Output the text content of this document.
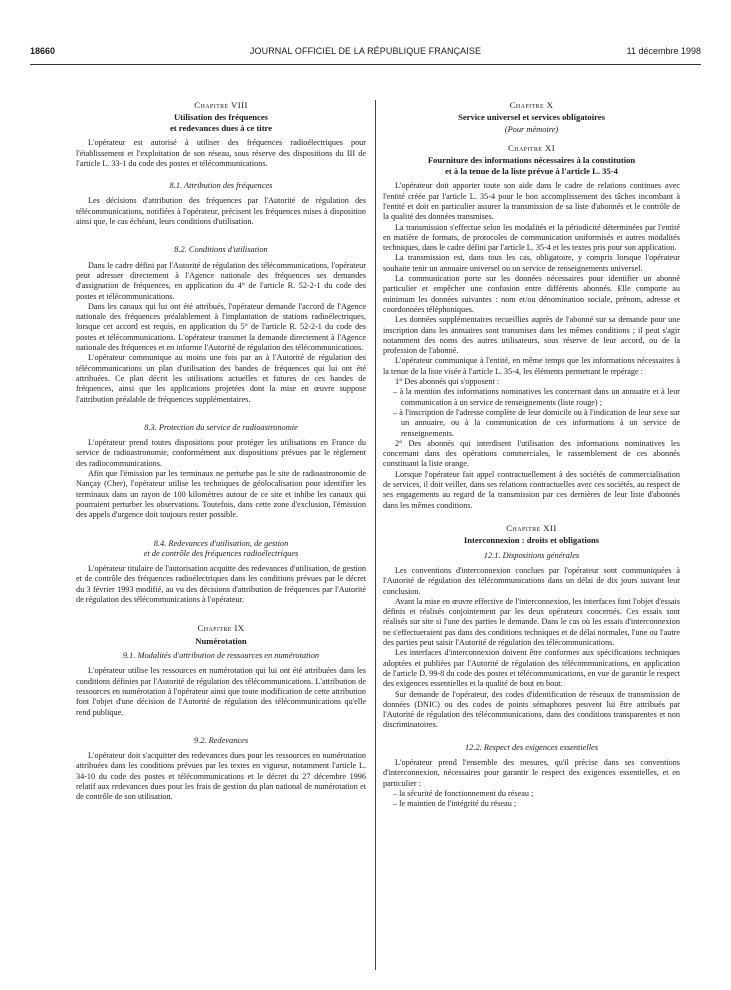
18660	JOURNAL OFFICIEL DE LA RÉPUBLIQUE FRANÇAISE	11 décembre 1998
Chapitre VIII
Utilisation des fréquences
et redevances dues à ce titre

L'opérateur est autorisé à utiliser des fréquences radioélectriques pour l'établissement et l'exploitation de son réseau, sous réserve des dispositions du III de l'article L. 33-1 du code des postes et télécommunications.

8.1. Attribution des fréquences

Les décisions d'attribution des fréquences par l'Autorité de régulation des télécommunications, notifiées à l'opérateur, précisent les fréquences mises à disposition ainsi que, le cas échéant, leurs conditions d'utilisation.

8.2. Conditions d'utilisation

Dans le cadre défini par l'Autorité de régulation des télécommunications, l'opérateur peut adresser directement à l'Agence nationale des fréquences ses demandes d'assignation de fréquences, en application du 4° de l'article R. 52-2-1 du code des postes et télécommunications.

Dans les canaux qui lui ont été attribués, l'opérateur demande l'accord de l'Agence nationale des fréquences préalablement à l'implantation de stations radioélectriques, lorsque cet accord est requis, en application du 5° de l'article R. 52-2-1 du code des postes et télécommunications. L'opérateur transmet la demande directement à l'Agence nationale des fréquences et en informe l'Autorité de régulation des télécommunications.

L'opérateur communique au moins une fois par an à l'Autorité de régulation des télécommunications un plan d'utilisation des bandes de fréquences qui lui ont été attribuées. Ce plan décrit les utilisations actuelles et futures de ces bandes de fréquences, ainsi que les applications projetées dont la mise en œuvre suppose l'attribution préalable de fréquences supplémentaires.

8.3. Protection du service de radioastronomie

L'opérateur prend toutes dispositions pour protéger les utilisations en France du service de radioastronomie, conformément aux dispositions prévues par le règlement des radiocommunications.

Afin que l'émission par les terminaux ne perturbe pas le site de radioastronomie de Nançay (Cher), l'opérateur utilise les techniques de géolocalisation pour identifier les terminaux dans un rayon de 100 kilomètres autour de ce site et inhibe les canaux qui pourraient perturber les observations. Toutefois, dans cette zone d'exclusion, l'émission des appels d'urgence doit toujours rester possible.

8.4. Redevances d'utilisation, de gestion
et de contrôle des fréquences radioélectriques

L'opérateur titulaire de l'autorisation acquitte des redevances d'utilisation, de gestion et de contrôle des fréquences radioélectriques dans les conditions prévues par le décret du 3 février 1993 modifié, au vu des décisions d'attribution de fréquences par l'Autorité de régulation des télécommunications à l'opérateur.

Chapitre IX
Numérotation
9.1. Modalités d'attribution de ressources en numérotation

L'opérateur utilise les ressources en numérotation qui lui ont été attribuées dans les conditions définies par l'Autorité de régulation des télécommunications. L'attribution de ressources en numérotation à l'opérateur ainsi que toute modification de cette attribution font l'objet d'une décision de l'Autorité de régulation des télécommunications qu'elle rend publique.

9.2. Redevances

L'opérateur doit s'acquitter des redevances dues pour les ressources en numérotation attribuées dans les conditions prévues par les textes en vigueur, notamment l'article L. 34-10 du code des postes et télécommunications et le décret du 27 décembre 1996 relatif aux redevances dues pour les frais de gestion du plan national de numérotation et de contrôle de son utilisation.

Chapitre X
Service universel et services obligatoires
(Pour mémoire)
Chapitre XI
Fourniture des informations nécessaires à la constitution
et à la tenue de la liste prévue à l'article L. 35-4

L'opérateur doit apporter toute son aide dans le cadre de relations continues avec l'entité créée par l'article L. 35-4 pour le bon accomplissement des tâches incombant à l'entité et doit en particulier assurer la transmission de sa liste d'abonnés et le contrôle de la qualité des données transmises.

La transmission s'effectue selon les modalités et la périodicité déterminées par l'entité en matière de formats, de protocoles de communication uniformisés et autres modalités techniques, dans le cadre défini par l'article L. 35-4 et les textes pris pour son application.

La transmission est, dans tous les cas, obligatoire, y compris lorsque l'opérateur souhaite tenir un annuaire universel ou un service de renseignements universel.

La communication porte sur les données nécessaires pour identifier un abonné particulier et empêcher une confusion entre différents abonnés. Elle comporte au minimum les données suivantes : nom et/ou dénomination sociale, prénom, adresse et coordonnées téléphoniques.

Les données supplémentaires recueillies auprès de l'abonné sur sa demande pour une inscription dans les annuaires sont transmises dans les mêmes conditions ; il peut s'agir notamment des noms des autres utilisateurs, sous réserve de leur accord, ou de la profession de l'abonné.

L'opérateur communique à l'entité, en même temps que les informations nécessaires à la tenue de la liste visée à l'article L. 35-4, les éléments permettant le repérage :

1° Des abonnés qui s'opposent :

– à la mention des informations nominatives les concernant dans un annuaire et à leur communication à un service de renseignements (liste rouge) ;
– à l'inscription de l'adresse complète de leur domicile ou à l'indication de leur sexe sur un annuaire, ou à la communication de ces informations à un service de renseignements.

2° Des abonnés qui interdisent l'utilisation des informations nominatives les concernant dans des opérations commerciales, le rassemblement de ces abonnés constituant la liste orange.

Lorsque l'opérateur fait appel contractuellement à des sociétés de commercialisation de services, il doit veiller, dans ses relations contractuelles avec ces sociétés, au respect de ses engagements au regard de la transmission par ces dernières de leur liste d'abonnés dans les mêmes conditions.

Chapitre XII
Interconnexion : droits et obligations
12.1. Dispositions générales

Les conventions d'interconnexion conclues par l'opérateur sont communiquées à l'Autorité de régulation des télécommunications dans un délai de dix jours suivant leur conclusion.

Avant la mise en œuvre effective de l'interconnexion, les interfaces font l'objet d'essais définis et réalisés conjointement par les deux opérateurs concernés. Ces essais sont réalisés sur site si l'une des parties le demande. Dans le cas où les essais d'interconnexion ne s'effectueraient pas dans des conditions techniques et de délai normales, l'une ou l'autre des parties peut saisir l'Autorité de régulation des télécommunications.

Les interfaces d'interconnexion doivent être conformes aux spécifications techniques adoptées et publiées par l'Autorité de régulation des télécommunications, en application de l'article D. 99-8 du code des postes et télécommunications, en vue de garantir le respect des exigences essentielles et la qualité de bout en bout.

Sur demande de l'opérateur, des codes d'identification de réseaux de transmission de données (DNIC) ou des codes de points sémaphores peuvent lui être attribués par l'Autorité de régulation des télécommunications, dans des conditions transparentes et non discriminatoires.

12.2. Respect des exigences essentielles

L'opérateur prend l'ensemble des mesures, qu'il précise dans ses conventions d'interconnexion, nécessaires pour garantir le respect des exigences essentielles, et en particulier :

– la sécurité de fonctionnement du réseau ;
– le maintien de l'intégrité du réseau ;
